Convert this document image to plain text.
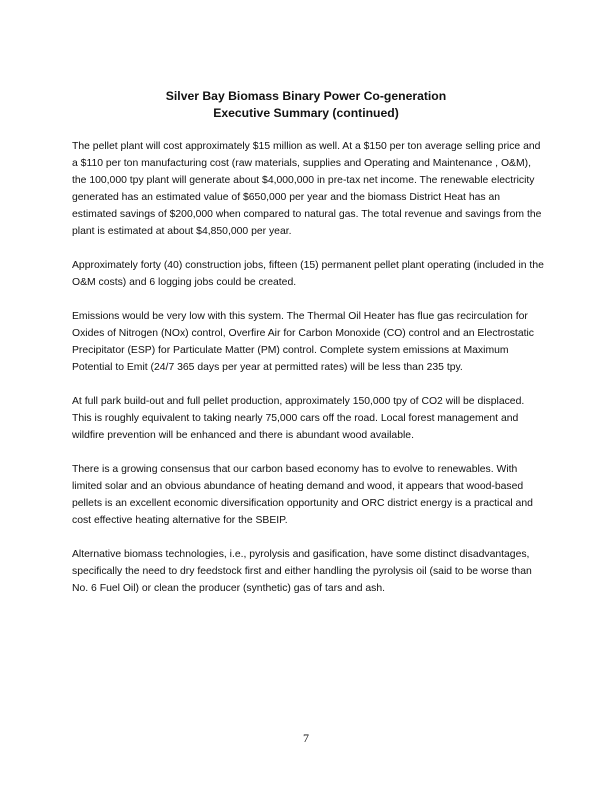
Silver Bay Biomass Binary Power Co-generation
Executive Summary (continued)

The pellet plant will cost approximately $15 million as well. At a $150 per ton average selling price and a $110 per ton manufacturing cost (raw materials, supplies and Operating and Maintenance , O&M), the 100,000 tpy plant will generate about $4,000,000 in pre-tax net income. The renewable electricity generated has an estimated value of $650,000 per year and the biomass District Heat has an estimated savings of $200,000 when compared to natural gas. The total revenue and savings from the plant is estimated at about $4,850,000 per year.

Approximately forty (40) construction jobs, fifteen (15) permanent pellet plant operating (included in the O&M costs) and 6 logging jobs could be created.

Emissions would be very low with this system. The Thermal Oil Heater has flue gas recirculation for Oxides of Nitrogen (NOx) control, Overfire Air for Carbon Monoxide (CO) control and an Electrostatic Precipitator (ESP) for Particulate Matter (PM) control. Complete system emissions at Maximum Potential to Emit (24/7 365 days per year at permitted rates) will be less than 235 tpy.

At full park build-out and full pellet production, approximately 150,000 tpy of CO2 will be displaced. This is roughly equivalent to taking nearly 75,000 cars off the road. Local forest management and wildfire prevention will be enhanced and there is abundant wood available.

There is a growing consensus that our carbon based economy has to evolve to renewables. With limited solar and an obvious abundance of heating demand and wood, it appears that wood-based pellets is an excellent economic diversification opportunity and ORC district energy is a practical and cost effective heating alternative for the SBEIP.

Alternative biomass technologies, i.e., pyrolysis and gasification, have some distinct disadvantages, specifically the need to dry feedstock first and either handling the pyrolysis oil (said to be worse than No. 6 Fuel Oil) or clean the producer (synthetic) gas of tars and ash.

7
